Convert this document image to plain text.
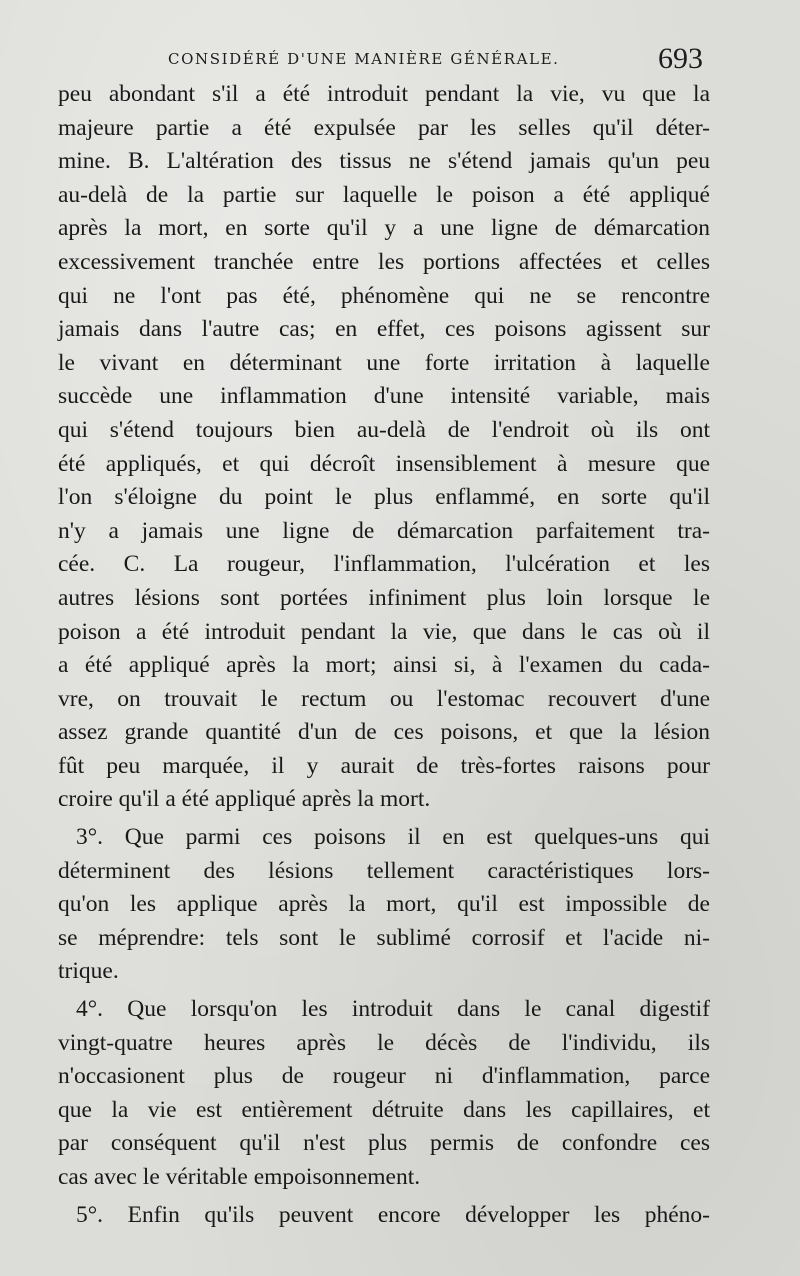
CONSIDÉRÉ D'UNE MANIÈRE GÉNÉRALE.	693
peu abondant s'il a été introduit pendant la vie, vu que la
majeure partie a été expulsée par les selles qu'il déter-
mine. B. L'altération des tissus ne s'étend jamais qu'un peu
au-delà de la partie sur laquelle le poison a été appliqué
après la mort, en sorte qu'il y a une ligne de démarcation
excessivement tranchée entre les portions affectées et celles
qui ne l'ont pas été, phénomène qui ne se rencontre
jamais dans l'autre cas; en effet, ces poisons agissent sur
le vivant en déterminant une forte irritation à laquelle
succède une inflammation d'une intensité variable, mais
qui s'étend toujours bien au-delà de l'endroit où ils ont
été appliqués, et qui décroît insensiblement à mesure que
l'on s'éloigne du point le plus enflammé, en sorte qu'il
n'y a jamais une ligne de démarcation parfaitement tra-
cée. C. La rougeur, l'inflammation, l'ulcération et les
autres lésions sont portées infiniment plus loin lorsque le
poison a été introduit pendant la vie, que dans le cas où il
a été appliqué après la mort; ainsi si, à l'examen du cada-
vre, on trouvait le rectum ou l'estomac recouvert d'une
assez grande quantité d'un de ces poisons, et que la lésion
fût peu marquée, il y aurait de très-fortes raisons pour
croire qu'il a été appliqué après la mort.
3°. Que parmi ces poisons il en est quelques-uns qui
déterminent des lésions tellement caractéristiques lors-
qu'on les applique après la mort, qu'il est impossible de
se méprendre: tels sont le sublimé corrosif et l'acide ni-
trique.
4°. Que lorsqu'on les introduit dans le canal digestif
vingt-quatre heures après le décès de l'individu, ils
n'occasionent plus de rougeur ni d'inflammation, parce
que la vie est entièrement détruite dans les capillaires, et
par conséquent qu'il n'est plus permis de confondre ces
cas avec le véritable empoisonnement.
5°. Enfin qu'ils peuvent encore développer les phéno-
